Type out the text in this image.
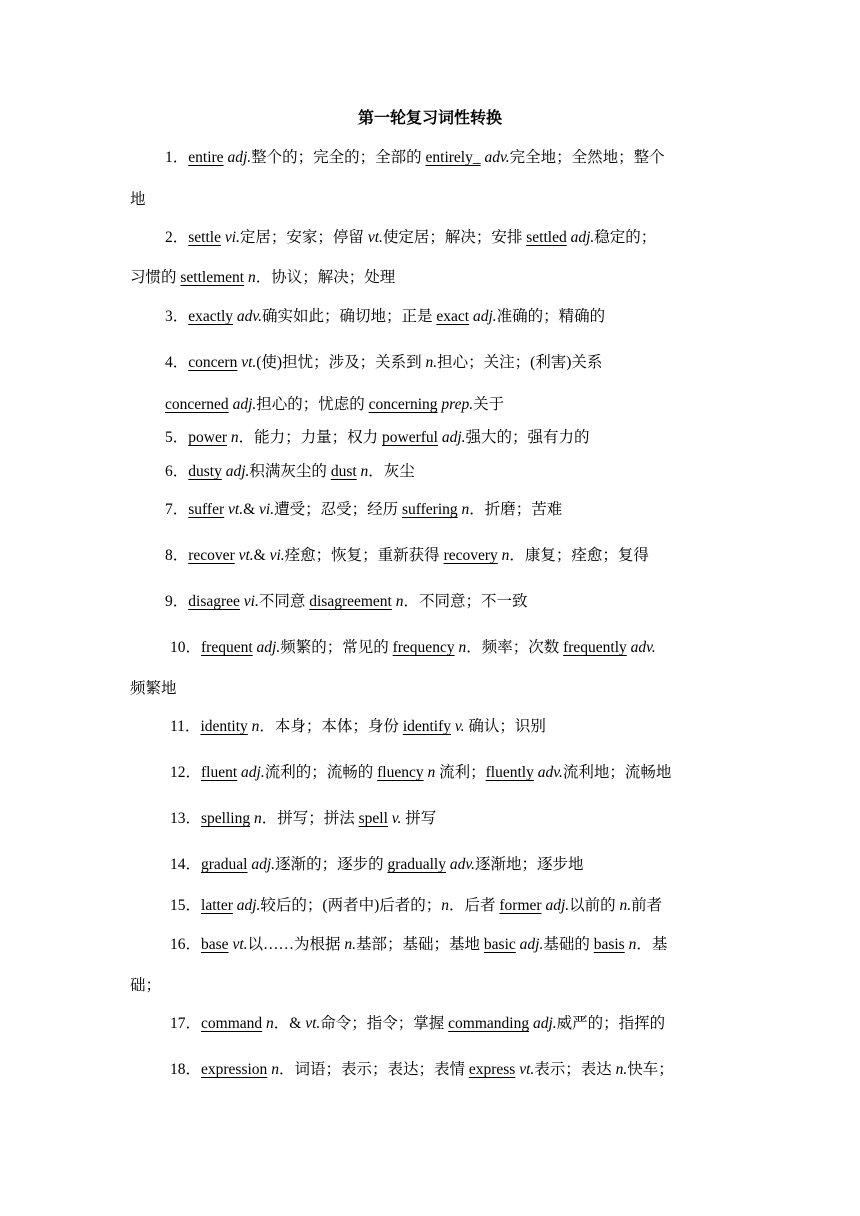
第一轮复习词性转换
1．entire adj.整个的；完全的；全部的 entirely_ adv.完全地；全然地；整个
地
2．settle vi.定居；安家；停留 vt.使定居；解决；安排 settled adj.稳定的；
习惯的 settlement n．协议；解决；处理
3．exactly adv.确实如此；确切地；正是 exact adj.准确的；精确的
4．concern vt.(使)担忧；涉及；关系到 n.担心；关注；(利害)关系
concerned adj.担心的；忧虑的 concerning prep.关于
5．power n．能力；力量；权力 powerful adj.强大的；强有力的
6．dusty adj.积满灰尘的 dust n．灰尘
7．suffer vt.& vi.遭受；忍受；经历 suffering n．折磨；苦难
8．recover vt.& vi.痊愈；恢复；重新获得 recovery n．康复；痊愈；复得
9．disagree vi.不同意 disagreement n．不同意；不一致
10．frequent adj.频繁的；常见的 frequency n．频率；次数 frequently adv.
频繁地
11．identity n．本身；本体；身份 identify v. 确认；识别
12．fluent adj.流利的；流畅的 fluency n 流利；fluently adv.流利地；流畅地
13．spelling n．拼写；拼法 spell v. 拼写
14．gradual adj.逐渐的；逐步的 gradually adv.逐渐地；逐步地
15．latter adj.较后的；(两者中)后者的；n．后者 former adj.以前的 n.前者
16．base vt.以……为根据 n.基部；基础；基地 basic adj.基础的 basis n．基
础；
17．command n．& vt.命令；指令；掌握 commanding adj.威严的；指挥的
18．expression n．词语；表示；表达；表情 express vt.表示；表达 n.快车；
